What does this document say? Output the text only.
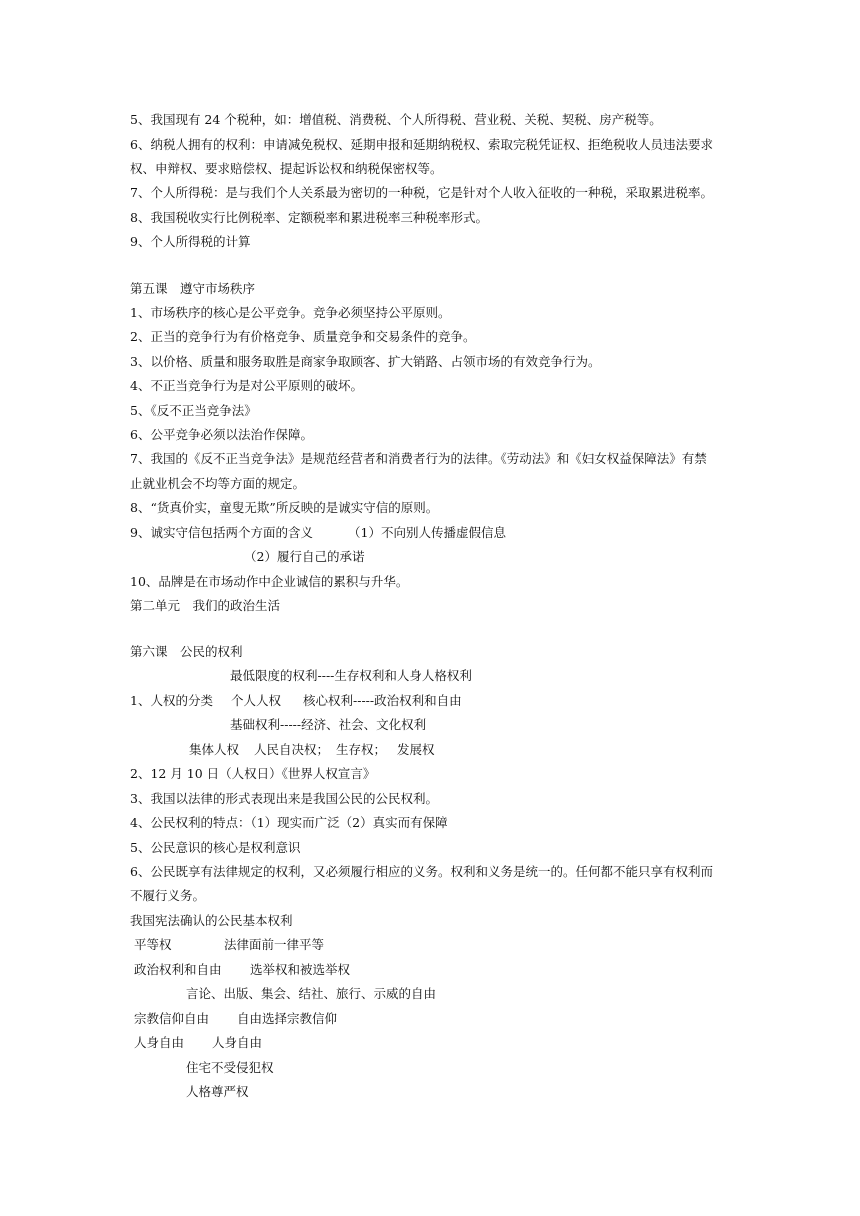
5、我国现有 24 个税种，如：增值税、消费税、个人所得税、营业税、关税、契税、房产税等。
6、纳税人拥有的权利：申请减免税权、延期申报和延期纳税权、索取完税凭证权、拒绝税收人员违法要求
权、申辩权、要求赔偿权、提起诉讼权和纳税保密权等。
7、个人所得税：是与我们个人关系最为密切的一种税，它是针对个人收入征收的一种税，采取累进税率。
8、我国税收实行比例税率、定额税率和累进税率三种税率形式。
9、个人所得税的计算
第五课　遵守市场秩序
1、市场秩序的核心是公平竞争。竞争必须坚持公平原则。
2、正当的竞争行为有价格竞争、质量竞争和交易条件的竞争。
3、以价格、质量和服务取胜是商家争取顾客、扩大销路、占领市场的有效竞争行为。
4、不正当竞争行为是对公平原则的破坏。
5、《反不正当竞争法》
6、公平竞争必须以法治作保障。
7、我国的《反不正当竞争法》是规范经营者和消费者行为的法律。《劳动法》和《妇女权益保障法》有禁
止就业机会不均等方面的规定。
8、“货真价实，童叟无欺”所反映的是诚实守信的原则。
9、诚实守信包括两个方面的含义	（1）不向别人传播虚假信息
（2）履行自己的承诺
10、品牌是在市场动作中企业诚信的累积与升华。
第二单元　我们的政治生活
第六课　公民的权利
最低限度的权利----生存权利和人身人格权利
1、人权的分类 个人人权 核心权利-----政治权利和自由
基础权利-----经济、社会、文化权利
集体人权 人民自决权； 生存权； 发展权
2、12 月 10 日（人权日）《世界人权宣言》
3、我国以法律的形式表现出来是我国公民的公民权利。
4、公民权利的特点：（1）现实而广泛（2）真实而有保障
5、公民意识的核心是权利意识
6、公民既享有法律规定的权利，又必须履行相应的义务。权利和义务是统一的。任何都不能只享有权利而
不履行义务。
我国宪法确认的公民基本权利
平等权	法律面前一律平等
政治权利和自由 选举权和被选举权
言论、出版、集会、结社、旅行、示威的自由
宗教信仰自由 自由选择宗教信仰
人身自由 人身自由
住宅不受侵犯权
人格尊严权
